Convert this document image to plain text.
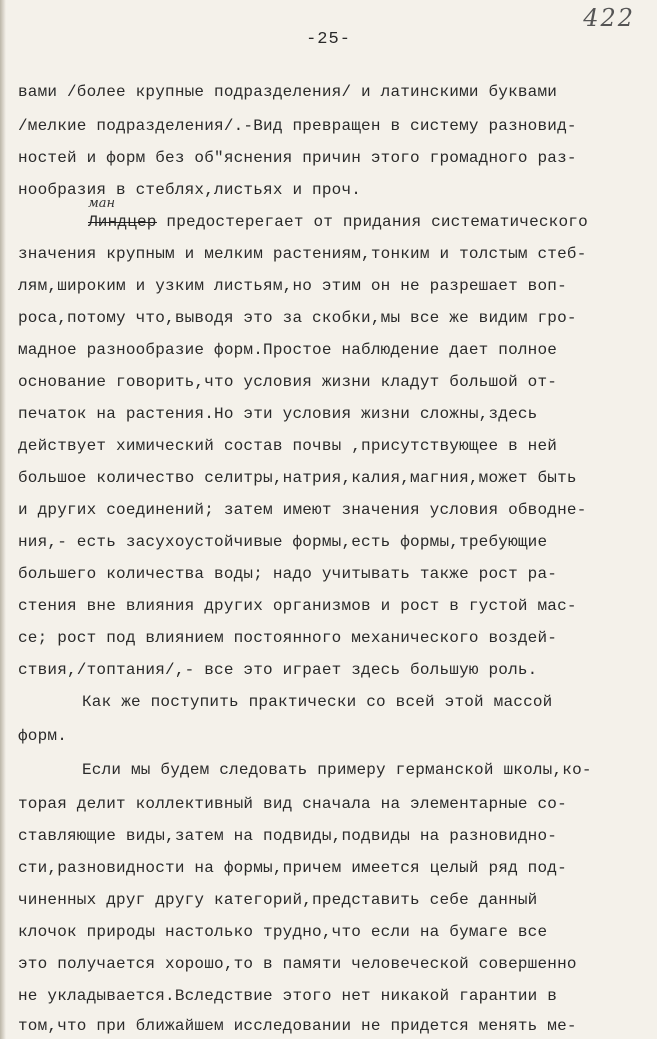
422
-25-
вами /более крупные подразделения/ и латинскими буквами
/мелкие подразделения/.-Вид превращен в систему разновид-
ностей и форм без об"яснения причин этого громадного раз-
нообразия в стеблях,листьях и проч.
ман
Линдцер предостерегает от придания систематического
значения крупным и мелким растениям,тонким и толстым стеб-
лям,широким и узким листьям,но этим он не разрешает воп-
роса,потому что,выводя это за скобки,мы все же видим гро-
мадное разнообразие форм.Простое наблюдение дает полное
основание говорить,что условия жизни кладут большой от-
печаток на растения.Но эти условия жизни сложны,здесь
действует химический состав почвы ,присутствующее в ней
большое количество селитры,натрия,калия,магния,может быть
и других соединений; затем имеют значения условия обводне-
ния,- есть засухоустойчивые формы,есть формы,требующие
большего количества воды; надо учитывать также рост ра-
стения вне влияния других организмов и рост в густой мас-
се; рост под влиянием постоянного механического воздей-
ствия,/топтания/,- все это играет здесь большую роль.
Как же поступить практически со всей этой массой
форм.
Если мы будем следовать примеру германской школы,ко-
торая делит коллективный вид сначала на элементарные со-
ставляющие виды,затем на подвиды,подвиды на разновидно-
сти,разновидности на формы,причем имеется целый ряд под-
чиненных друг другу категорий,представить себе данный
клочок природы настолько трудно,что если на бумаге все
это получается хорошо,то в памяти человеческой совершенно
не укладывается.Вследствие этого нет никакой гарантии в
том,что при ближайшем исследовании не придется менять ме-
